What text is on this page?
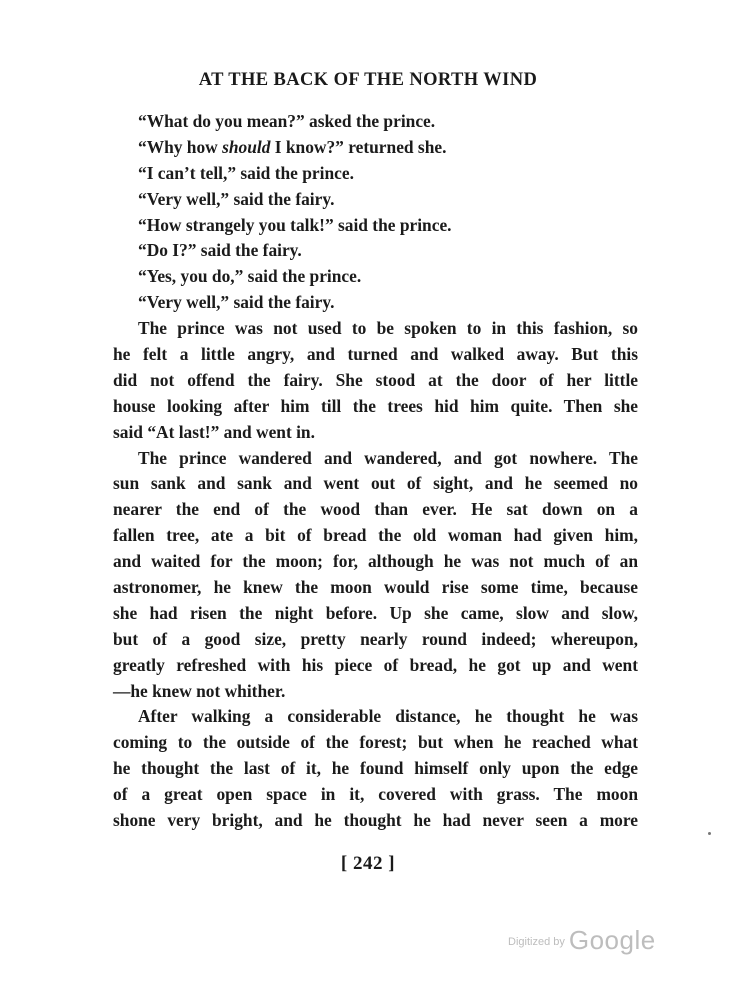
AT THE BACK OF THE NORTH WIND
“What do you mean?” asked the prince.
“Why how should I know?” returned she.
“I can’t tell,” said the prince.
“Very well,” said the fairy.
“How strangely you talk!” said the prince.
“Do I?” said the fairy.
“Yes, you do,” said the prince.
“Very well,” said the fairy.
The prince was not used to be spoken to in this fashion, so
he felt a little angry, and turned and walked away. But this
did not offend the fairy. She stood at the door of her little
house looking after him till the trees hid him quite. Then she
said “At last!” and went in.
The prince wandered and wandered, and got nowhere. The
sun sank and sank and went out of sight, and he seemed no
nearer the end of the wood than ever. He sat down on a
fallen tree, ate a bit of bread the old woman had given him,
and waited for the moon; for, although he was not much of an
astronomer, he knew the moon would rise some time, because
she had risen the night before. Up she came, slow and slow,
but of a good size, pretty nearly round indeed; whereupon,
greatly refreshed with his piece of bread, he got up and went
—he knew not whither.
After walking a considerable distance, he thought he was
coming to the outside of the forest; but when he reached what
he thought the last of it, he found himself only upon the edge
of a great open space in it, covered with grass. The moon
shone very bright, and he thought he had never seen a more
[ 242 ]
$^{Digitized by}$ Google
